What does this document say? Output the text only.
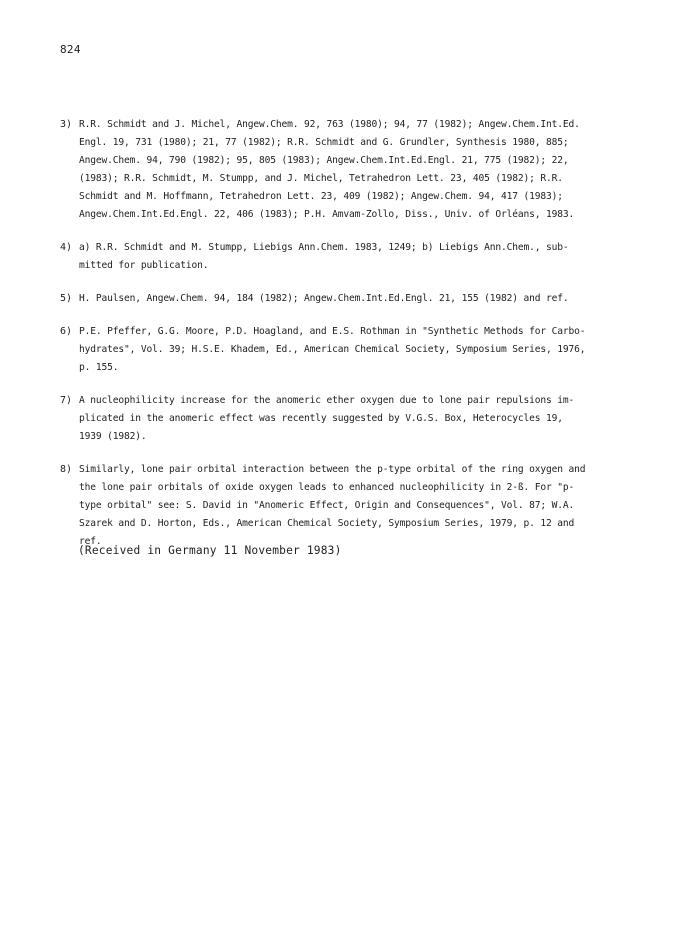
824
3) R.R. Schmidt and J. Michel, Angew.Chem. 92, 763 (1980); 94, 77 (1982); Angew.Chem.Int.Ed.
Engl. 19, 731 (1980); 21, 77 (1982); R.R. Schmidt and G. Grundler, Synthesis 1980, 885;
Angew.Chem. 94, 790 (1982); 95, 805 (1983); Angew.Chem.Int.Ed.Engl. 21, 775 (1982); 22,
(1983); R.R. Schmidt, M. Stumpp, and J. Michel, Tetrahedron Lett. 23, 405 (1982); R.R.
Schmidt and M. Hoffmann, Tetrahedron Lett. 23, 409 (1982); Angew.Chem. 94, 417 (1983);
Angew.Chem.Int.Ed.Engl. 22, 406 (1983); P.H. Amvam-Zollo, Diss., Univ. of Orléans, 1983.
4) a) R.R. Schmidt and M. Stumpp, Liebigs Ann.Chem. 1983, 1249; b) Liebigs Ann.Chem., sub-
mitted for publication.
5) H. Paulsen, Angew.Chem. 94, 184 (1982); Angew.Chem.Int.Ed.Engl. 21, 155 (1982) and ref.
6) P.E. Pfeffer, G.G. Moore, P.D. Hoagland, and E.S. Rothman in "Synthetic Methods for Carbo-
hydrates", Vol. 39; H.S.E. Khadem, Ed., American Chemical Society, Symposium Series, 1976,
p. 155.
7) A nucleophilicity increase for the anomeric ether oxygen due to lone pair repulsions im-
plicated in the anomeric effect was recently suggested by V.G.S. Box, Heterocycles 19,
1939 (1982).
8) Similarly, lone pair orbital interaction between the p-type orbital of the ring oxygen and
the lone pair orbitals of oxide oxygen leads to enhanced nucleophilicity in 2-ß. For "p-
type orbital" see: S. David in "Anomeric Effect, Origin and Consequences", Vol. 87; W.A.
Szarek and D. Horton, Eds., American Chemical Society, Symposium Series, 1979, p. 12 and
ref.
(Received in Germany 11 November 1983)
